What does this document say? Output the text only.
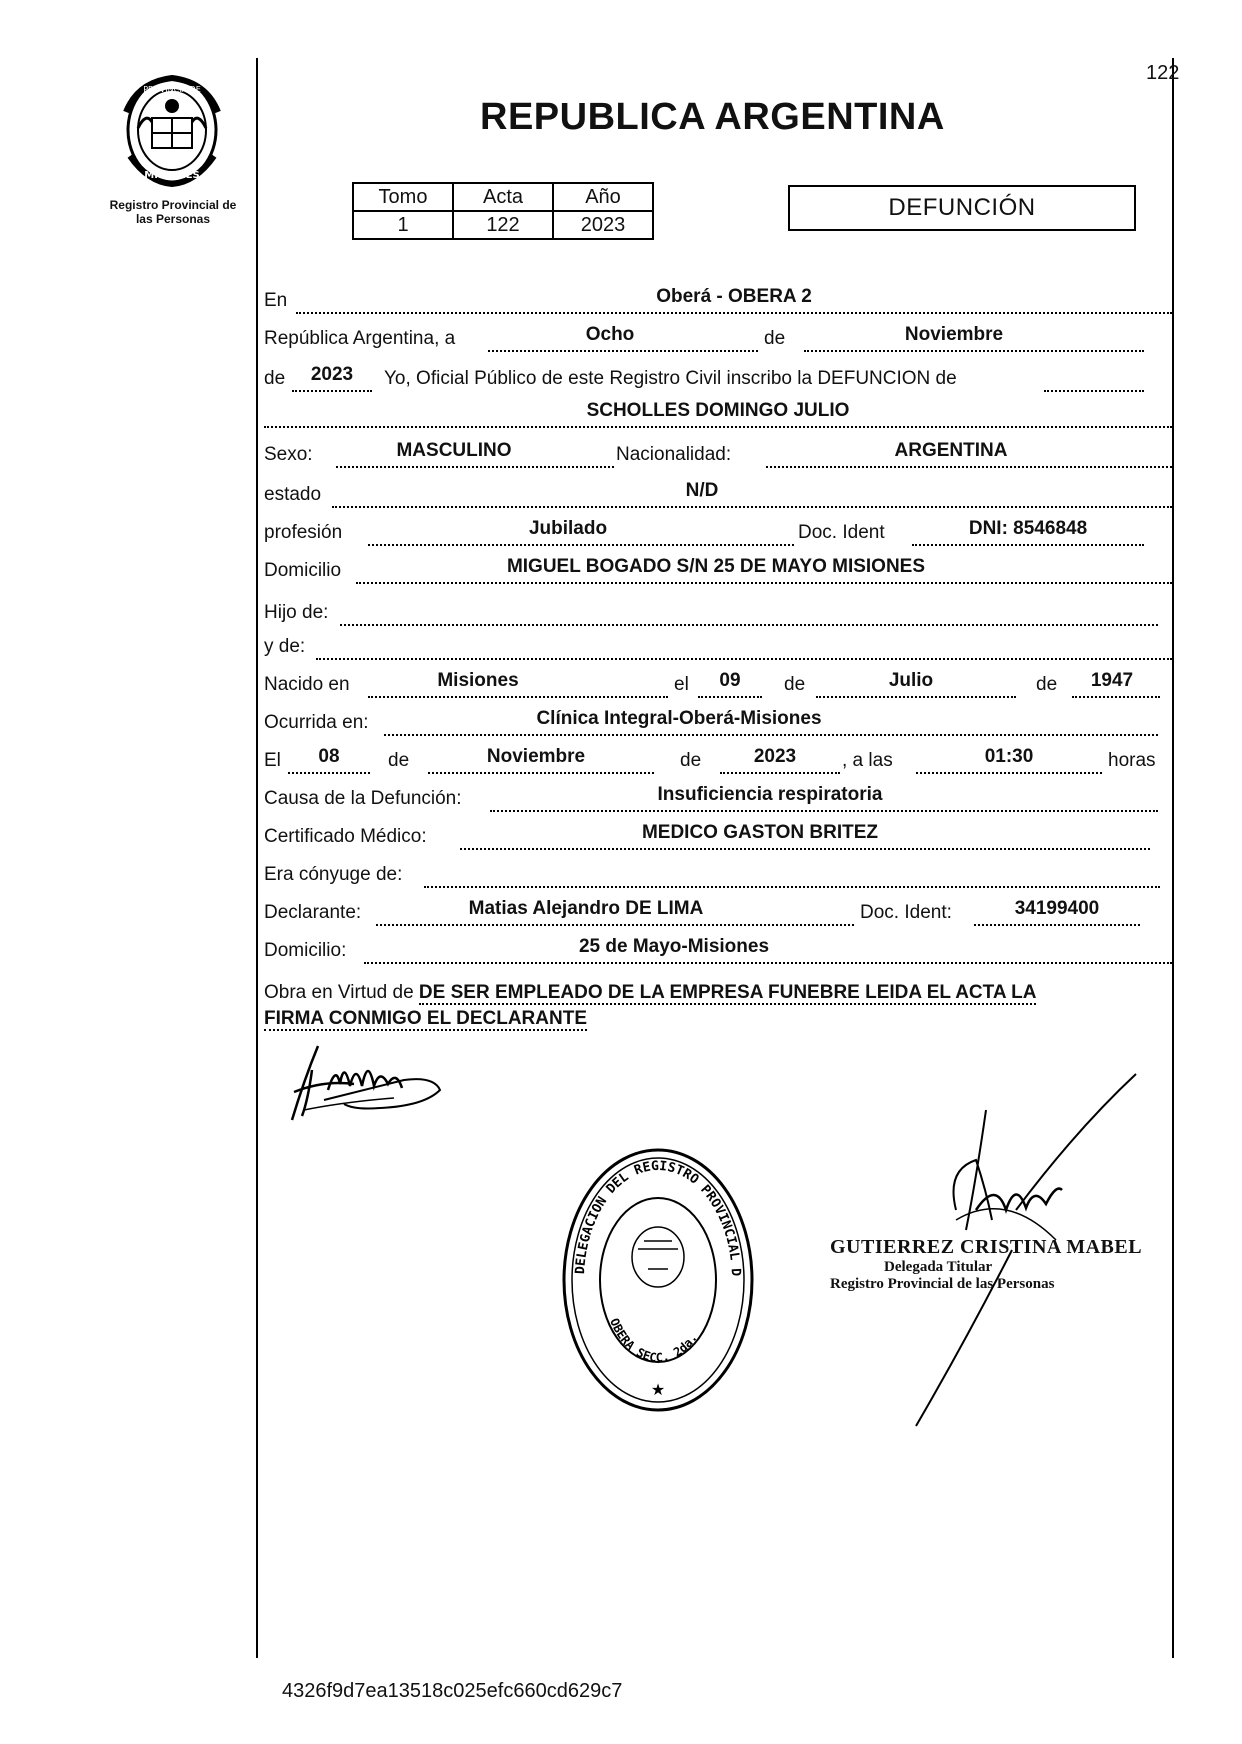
PROVINCIA DE
MISIONES
Registro Provincial de
las Personas
122
REPUBLICA ARGENTINA
Tomo	Acta	Año
1	122	2023
DEFUNCIÓN
En	Oberá - OBERA 2
República Argentina, a	Ocho	de	Noviembre
de	2023	Yo, Oficial Público de este Registro Civil inscribo la DEFUNCION de
SCHOLLES DOMINGO JULIO
Sexo:	MASCULINO	Nacionalidad:	ARGENTINA
estado	N/D
profesión	Jubilado	Doc. Ident	DNI: 8546848
Domicilio	MIGUEL BOGADO S/N 25 DE MAYO MISIONES
Hijo de:
y de:
Nacido en	Misiones	el	09	de	Julio	de	1947
Ocurrida en:	Clínica Integral-Oberá-Misiones
El	08	de	Noviembre	de	2023	, a las	01:30	horas
Causa de la Defunción:	Insuficiencia respiratoria
Certificado Médico:	MEDICO GASTON BRITEZ
Era cónyuge de:
Declarante:	Matias Alejandro DE LIMA	Doc. Ident:	34199400
Domicilio:	25 de Mayo-Misiones
Obra en Virtud de DE SER EMPLEADO DE LA EMPRESA FUNEBRE LEIDA EL ACTA LA
FIRMA CONMIGO EL DECLARANTE
DELEGACION DEL REGISTRO PROVINCIAL D
OBERA SECC. 2da.
★
GUTIERREZ CRISTINA MABEL
Delegada Titular
Registro Provincial de las Personas
4326f9d7ea13518c025efc660cd629c7
